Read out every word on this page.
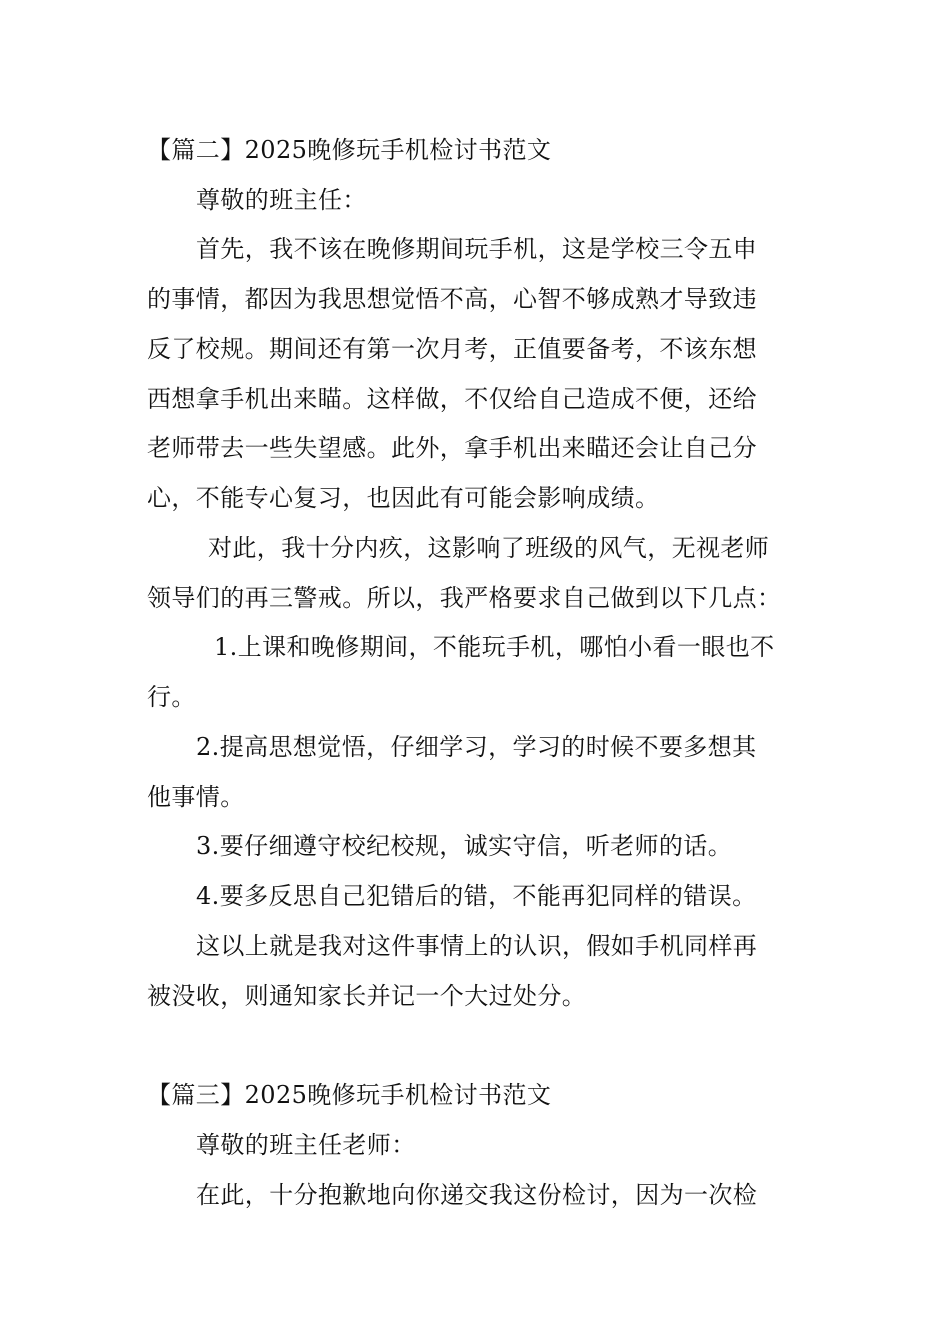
【篇二】2025晚修玩手机检讨书范文
尊敬的班主任：
首先，我不该在晚修期间玩手机，这是学校三令五申
的事情，都因为我思想觉悟不高，心智不够成熟才导致违
反了校规。期间还有第一次月考，正值要备考，不该东想
西想拿手机出来瞄。这样做，不仅给自己造成不便，还给
老师带去一些失望感。此外，拿手机出来瞄还会让自己分
心，不能专心复习，也因此有可能会影响成绩。
对此，我十分内疚，这影响了班级的风气，无视老师
领导们的再三警戒。所以，我严格要求自己做到以下几点：
1.上课和晚修期间，不能玩手机，哪怕小看一眼也不
行。
2.提高思想觉悟，仔细学习，学习的时候不要多想其
他事情。
3.要仔细遵守校纪校规，诚实守信，听老师的话。
4.要多反思自己犯错后的错，不能再犯同样的错误。
这以上就是我对这件事情上的认识，假如手机同样再
被没收，则通知家长并记一个大过处分。
【篇三】2025晚修玩手机检讨书范文
尊敬的班主任老师：
在此，十分抱歉地向你递交我这份检讨，因为一次检
